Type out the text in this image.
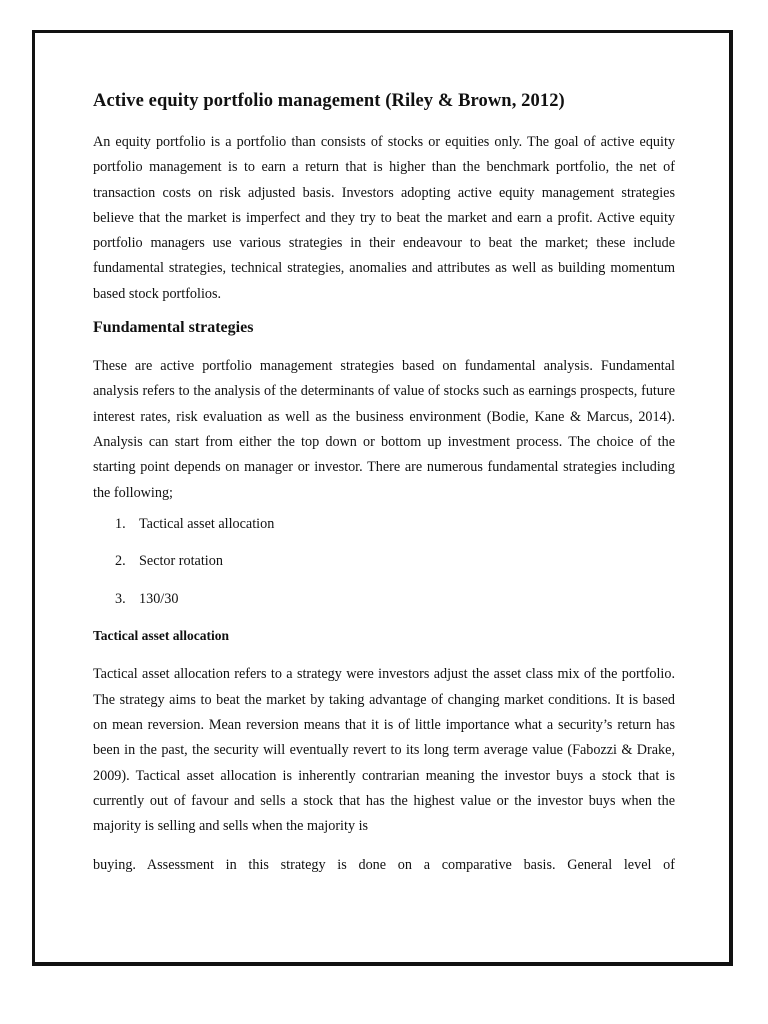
Active equity portfolio management (Riley & Brown, 2012)

An equity portfolio is a portfolio than consists of stocks or equities only. The goal of active equity portfolio management is to earn a return that is higher than the benchmark portfolio, the net of transaction costs on risk adjusted basis. Investors adopting active equity management strategies believe that the market is imperfect and they try to beat the market and earn a profit. Active equity portfolio managers use various strategies in their endeavour to beat the market; these include fundamental strategies, technical strategies, anomalies and attributes as well as building momentum based stock portfolios.

Fundamental strategies

These are active portfolio management strategies based on fundamental analysis. Fundamental analysis refers to the analysis of the determinants of value of stocks such as earnings prospects, future interest rates, risk evaluation as well as the business environment (Bodie, Kane & Marcus, 2014). Analysis can start from either the top down or bottom up investment process. The choice of the starting point depends on manager or investor. There are numerous fundamental strategies including the following;

1. Tactical asset allocation
2. Sector rotation
3. 130/30
Tactical asset allocation

Tactical asset allocation refers to a strategy were investors adjust the asset class mix of the portfolio. The strategy aims to beat the market by taking advantage of changing market conditions. It is based on mean reversion. Mean reversion means that it is of little importance what a security’s return has been in the past, the security will eventually revert to its long term average value (Fabozzi & Drake, 2009). Tactical asset allocation is inherently contrarian meaning the investor buys a stock that is currently out of favour and sells a stock that has the highest value or the investor buys when the majority is selling and sells when the majority is

buying. Assessment in this strategy is done on a comparative basis. General level of
